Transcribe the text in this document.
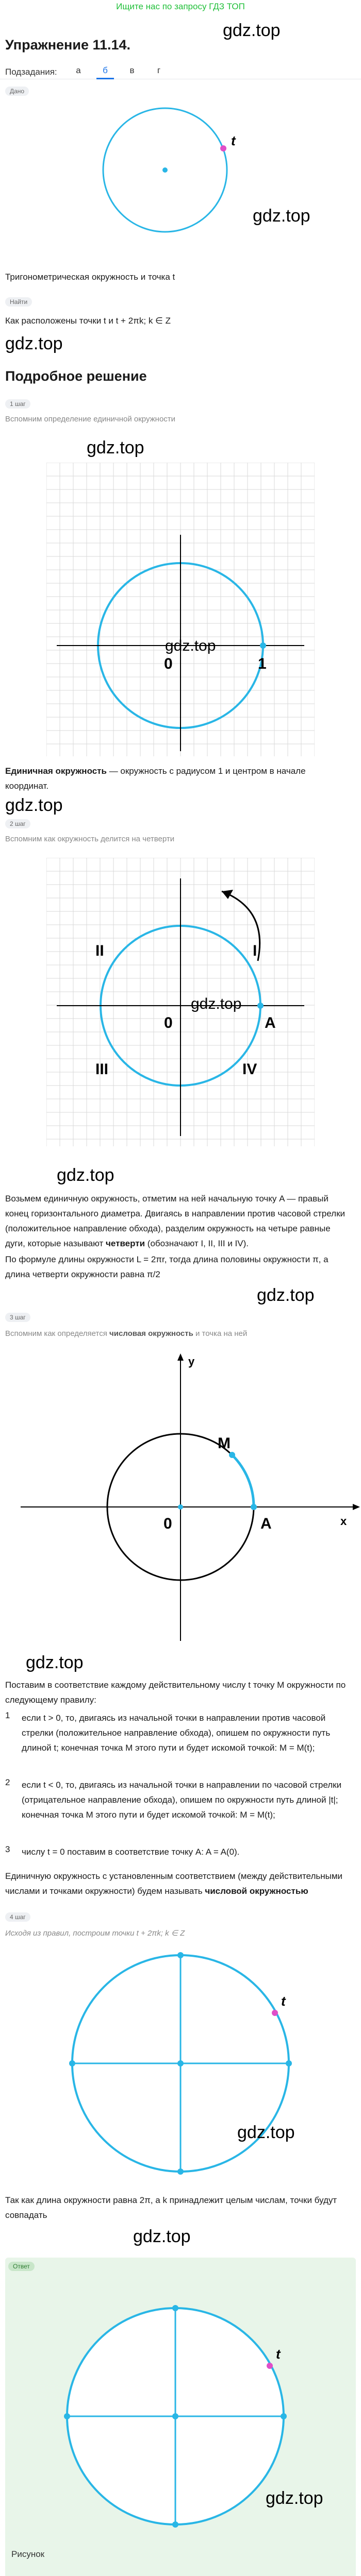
Ищите нас по запросу ГДЗ ТОП
gdz.top
Упражнение 11.14.
Подзадания:	а	б	в	г
Дано
t
gdz.top
Тригонометрическая окружность и точка t
Найти
Как расположены точки t и t + 2πk; k ∈ Z
gdz.top
Подробное решение
1 шаг
Вспомним определение единичной окружности
gdz.top
0	1
gdz.top
Единичная окружность — окружность с радиусом 1 и центром в начале координат.
gdz.top
2 шаг
Вспомним как окружность делится на четверти
I
II
III	IV
0	A
gdz.top
gdz.top
Возьмем единичную окружность, отметим на ней начальную точку A — правый конец горизонтального диаметра. Двигаясь в направлении против часовой стрелки (положительное направление обхода), разделим окружность на четыре равные дуги, которые называют четверти (обозначают I, II, III и IV).
По формуле длины окружности L = 2πr, тогда длина половины окружности π, а длина четверти окружности равна π/2
gdz.top
3 шаг
Вспомним как определяется числовая окружность и точка на ней
y
x
M
0	A
gdz.top
Поставим в соответствие каждому действительному числу t точку M окружности по следующему правилу:
1 если t > 0, то, двигаясь из начальной точки в направлении против часовой стрелки (положительное направление обхода), опишем по окружности путь длиной t; конечная точка M этого пути и будет искомой точкой: M = M(t);
2 если t < 0, то, двигаясь из начальной точки в направлении по часовой стрелки (отрицательное направление обхода), опишем по окружности путь длиной |t|; конечная точка M этого пути и будет искомой точкой: M = M(t);
3 числу t = 0 поставим в соответствие точку A: A = A(0).
Единичную окружность с установленным соответствием (между действительными числами и точками окружности) будем называть числовой окружностью
4 шаг
Исходя из правил, построим точки t + 2πk; k ∈ Z
t
gdz.top
Так как длина окружности равна 2π, а k принадлежит целым числам, точки будут совпадать
gdz.top
Ответ
t
gdz.top
Рисунок
